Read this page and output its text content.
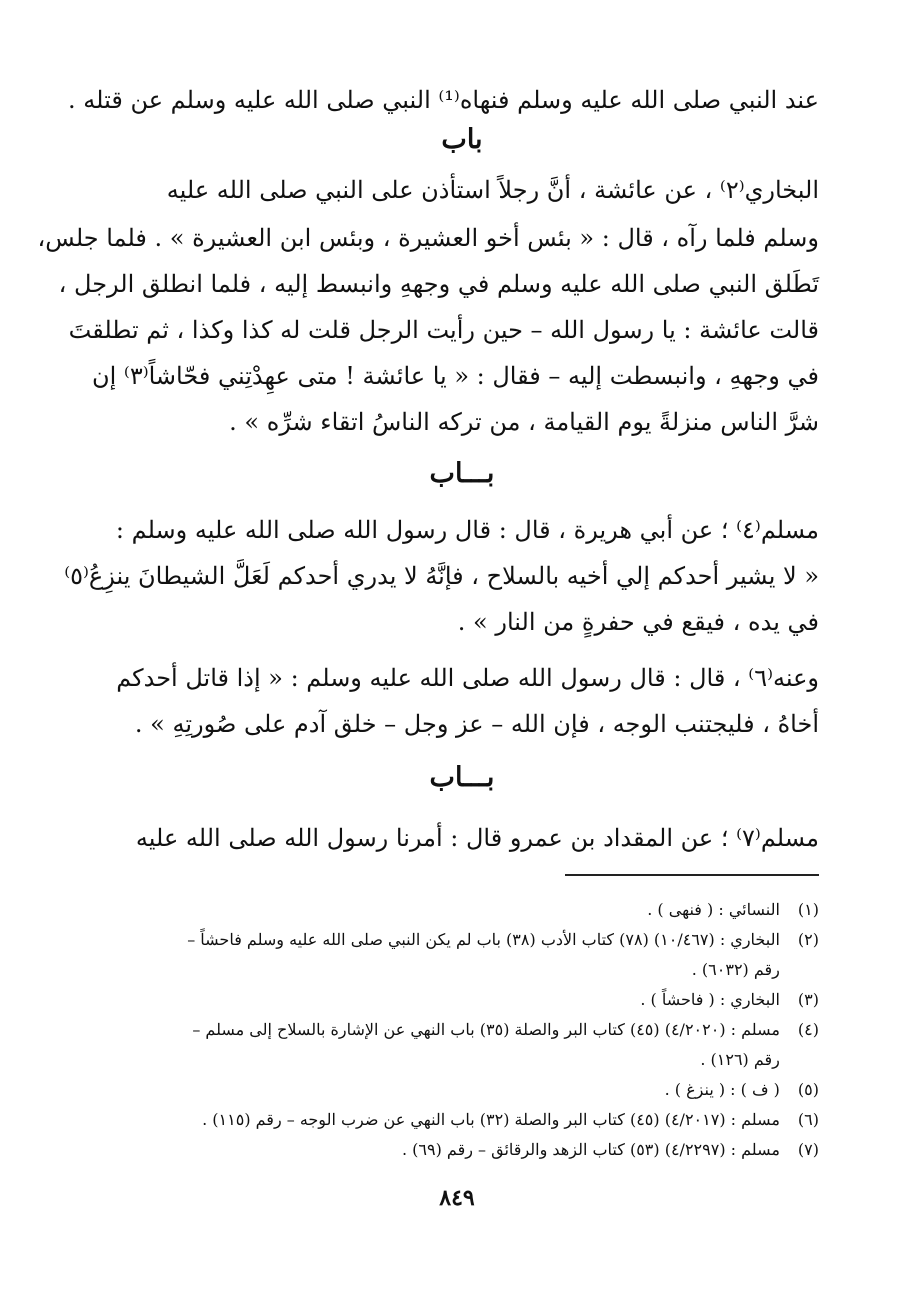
عند النبي صلى الله عليه وسلم فنهاه⁽¹⁾ النبي صلى الله عليه وسلم عن قتله .
باب
البخاري⁽٢⁾ ، عن عائشة ، أنَّ رجلاً استأذن على النبي صلى الله عليه
وسلم فلما رآه ، قال : « بئس أخو العشيرة ، وبئس ابن العشيرة » . فلما جلس،
تَطَلق النبي صلى الله عليه وسلم في وجههِ وانبسط إليه ، فلما انطلق الرجل ،
قالت عائشة : يا رسول الله – حين رأيت الرجل قلت له كذا وكذا ، ثم تطلقتَ
في وجههِ ، وانبسطت إليه – فقال : « يا عائشة ! متى عهِدْتِني فحّاشاً⁽٣⁾ إن
شرَّ الناس منزلةً يوم القيامة ، من تركه الناسُ اتقاء شرِّه » .
بـــاب
مسلم⁽٤⁾ ؛ عن أبي هريرة ، قال : قال رسول الله صلى الله عليه وسلم :
« لا يشير أحدكم إلي أخيه بالسلاح ، فإنَّهُ لا يدري أحدكم لَعَلَّ الشيطانَ ينزِعُ⁽٥⁾
في يده ، فيقع في حفرةٍ من النار » .
وعنه⁽٦⁾ ، قال : قال رسول الله صلى الله عليه وسلم : « إذا قاتل أحدكم
أخاهُ ، فليجتنب الوجه ، فإن الله – عز وجل – خلق آدم على صُورتِهِ » .
بـــاب
مسلم⁽٧⁾ ؛ عن المقداد بن عمرو قال : أمرنا رسول الله صلى الله عليه
(١) النسائي : ( فنهى ) .
(٢) البخاري : (١٠/٤٦٧) (٧٨) كتاب الأدب (٣٨) باب لم يكن النبي صلى الله عليه وسلم فاحشاً –
رقم (٦٠٣٢) .
(٣) البخاري : ( فاحشاً ) .
(٤) مسلم : (٤/٢٠٢٠) (٤٥) كتاب البر والصلة (٣٥) باب النهي عن الإشارة بالسلاح إلى مسلم –
رقم (١٢٦) .
(٥) ( ف ) : ( ينزغ ) .
(٦) مسلم : (٤/٢٠١٧) (٤٥) كتاب البر والصلة (٣٢) باب النهي عن ضرب الوجه – رقم (١١٥) .
(٧) مسلم : (٤/٢٢٩٧) (٥٣) كتاب الزهد والرقائق – رقم (٦٩) .
٨٤٩
